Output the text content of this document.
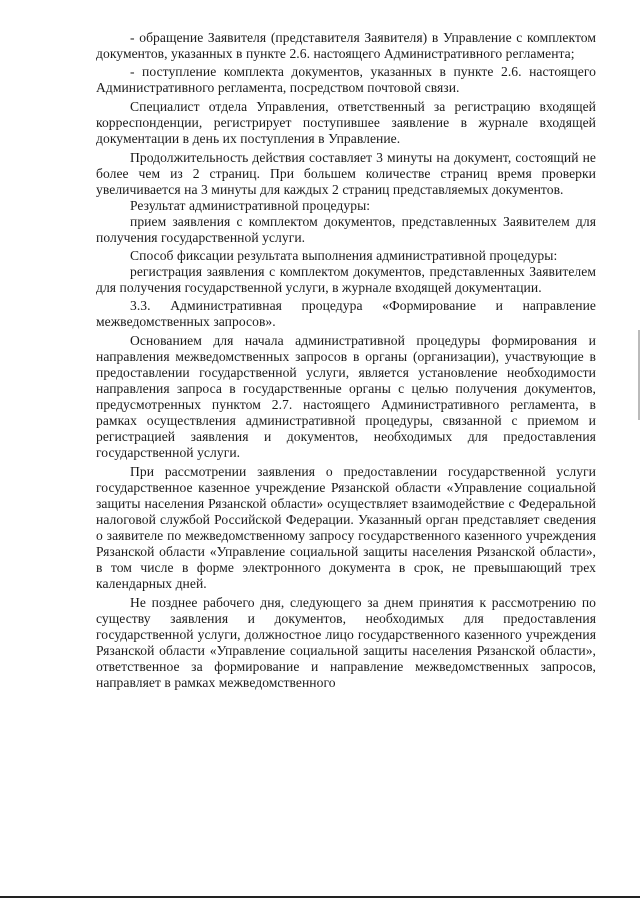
- обращение Заявителя (представителя Заявителя) в Управление с комплектом документов, указанных в пункте 2.6. настоящего Административного регламента;

- поступление комплекта документов, указанных в пункте 2.6. настоящего Административного регламента, посредством почтовой связи.

Специалист отдела Управления, ответственный за регистрацию входящей корреспонденции, регистрирует поступившее заявление в журнале входящей документации в день их поступления в Управление.

Продолжительность действия составляет 3 минуты на документ, состоящий не более чем из 2 страниц. При большем количестве страниц время проверки увеличивается на 3 минуты для каждых 2 страниц представляемых документов.

Результат административной процедуры:

прием заявления с комплектом документов, представленных Заявителем для получения государственной услуги.

Способ фиксации результата выполнения административной процедуры:

регистрация заявления с комплектом документов, представленных Заявителем для получения государственной услуги, в журнале входящей документации.

3.3. Административная процедура «Формирование и направление межведомственных запросов».

Основанием для начала административной процедуры формирования и направления межведомственных запросов в органы (организации), участвующие в предоставлении государственной услуги, является установление необходимости направления запроса в государственные органы с целью получения документов, предусмотренных пунктом 2.7. настоящего Административного регламента, в рамках осуществления административной процедуры, связанной с приемом и регистрацией заявления и документов, необходимых для предоставления государственной услуги.

При рассмотрении заявления о предоставлении государственной услуги государственное казенное учреждение Рязанской области «Управление социальной защиты населения Рязанской области» осуществляет взаимодействие с Федеральной налоговой службой Российской Федерации. Указанный орган представляет сведения о заявителе по межведомственному запросу государственного казенного учреждения Рязанской области «Управление социальной защиты населения Рязанской области», в том числе в форме электронного документа в срок, не превышающий трех календарных дней.

Не позднее рабочего дня, следующего за днем принятия к рассмотрению по существу заявления и документов, необходимых для предоставления государственной услуги, должностное лицо государственного казенного учреждения Рязанской области «Управление социальной защиты населения Рязанской области», ответственное за формирование и направление межведомственных запросов, направляет в рамках межведомственного
